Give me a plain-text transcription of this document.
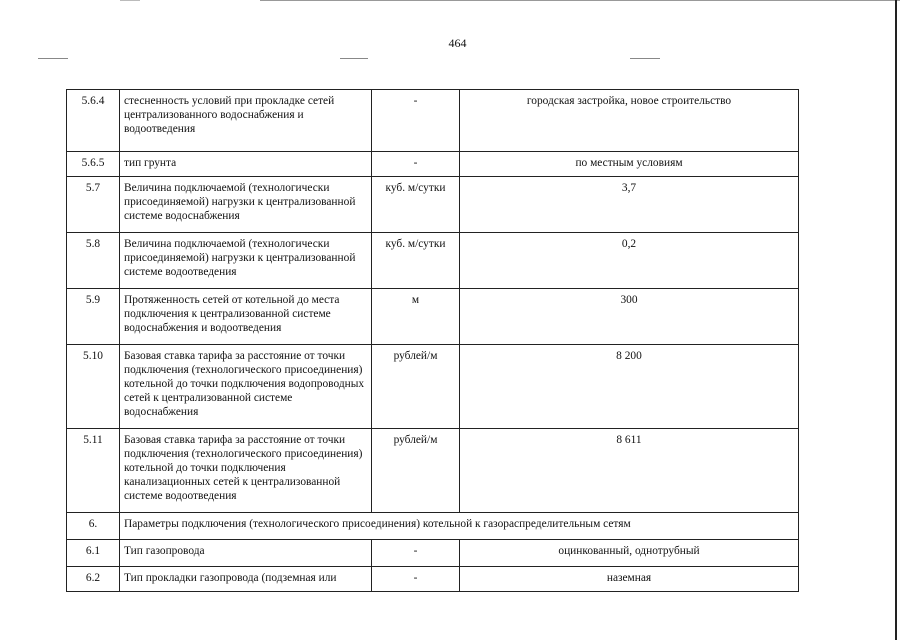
464
5.6.4	стесненность условий при прокладке сетей централизованного водоснабжения и водоотведения	-	городская застройка, новое строительство
5.6.5	тип грунта	-	по местным условиям
5.7	Величина подключаемой (технологически присоединяемой) нагрузки к централизованной системе водоснабжения	куб. м/сутки	3,7
5.8	Величина подключаемой (технологически присоединяемой) нагрузки к централизованной системе водоотведения	куб. м/сутки	0,2
5.9	Протяженность сетей от котельной до места подключения к централизованной системе водоснабжения и водоотведения	м	300
5.10	Базовая ставка тарифа за расстояние от точки подключения (технологического присоединения) котельной до точки подключения водопроводных сетей к централизованной системе водоснабжения	рублей/м	8 200
5.11	Базовая ставка тарифа за расстояние от точки подключения (технологического присоединения) котельной до точки подключения канализационных сетей к централизованной системе водоотведения	рублей/м	8 611
6.	Параметры подключения (технологического присоединения) котельной к газораспределительным сетям		
6.1	Тип газопровода	-	оцинкованный, однотрубный
6.2	Тип прокладки газопровода (подземная или	-	наземная
